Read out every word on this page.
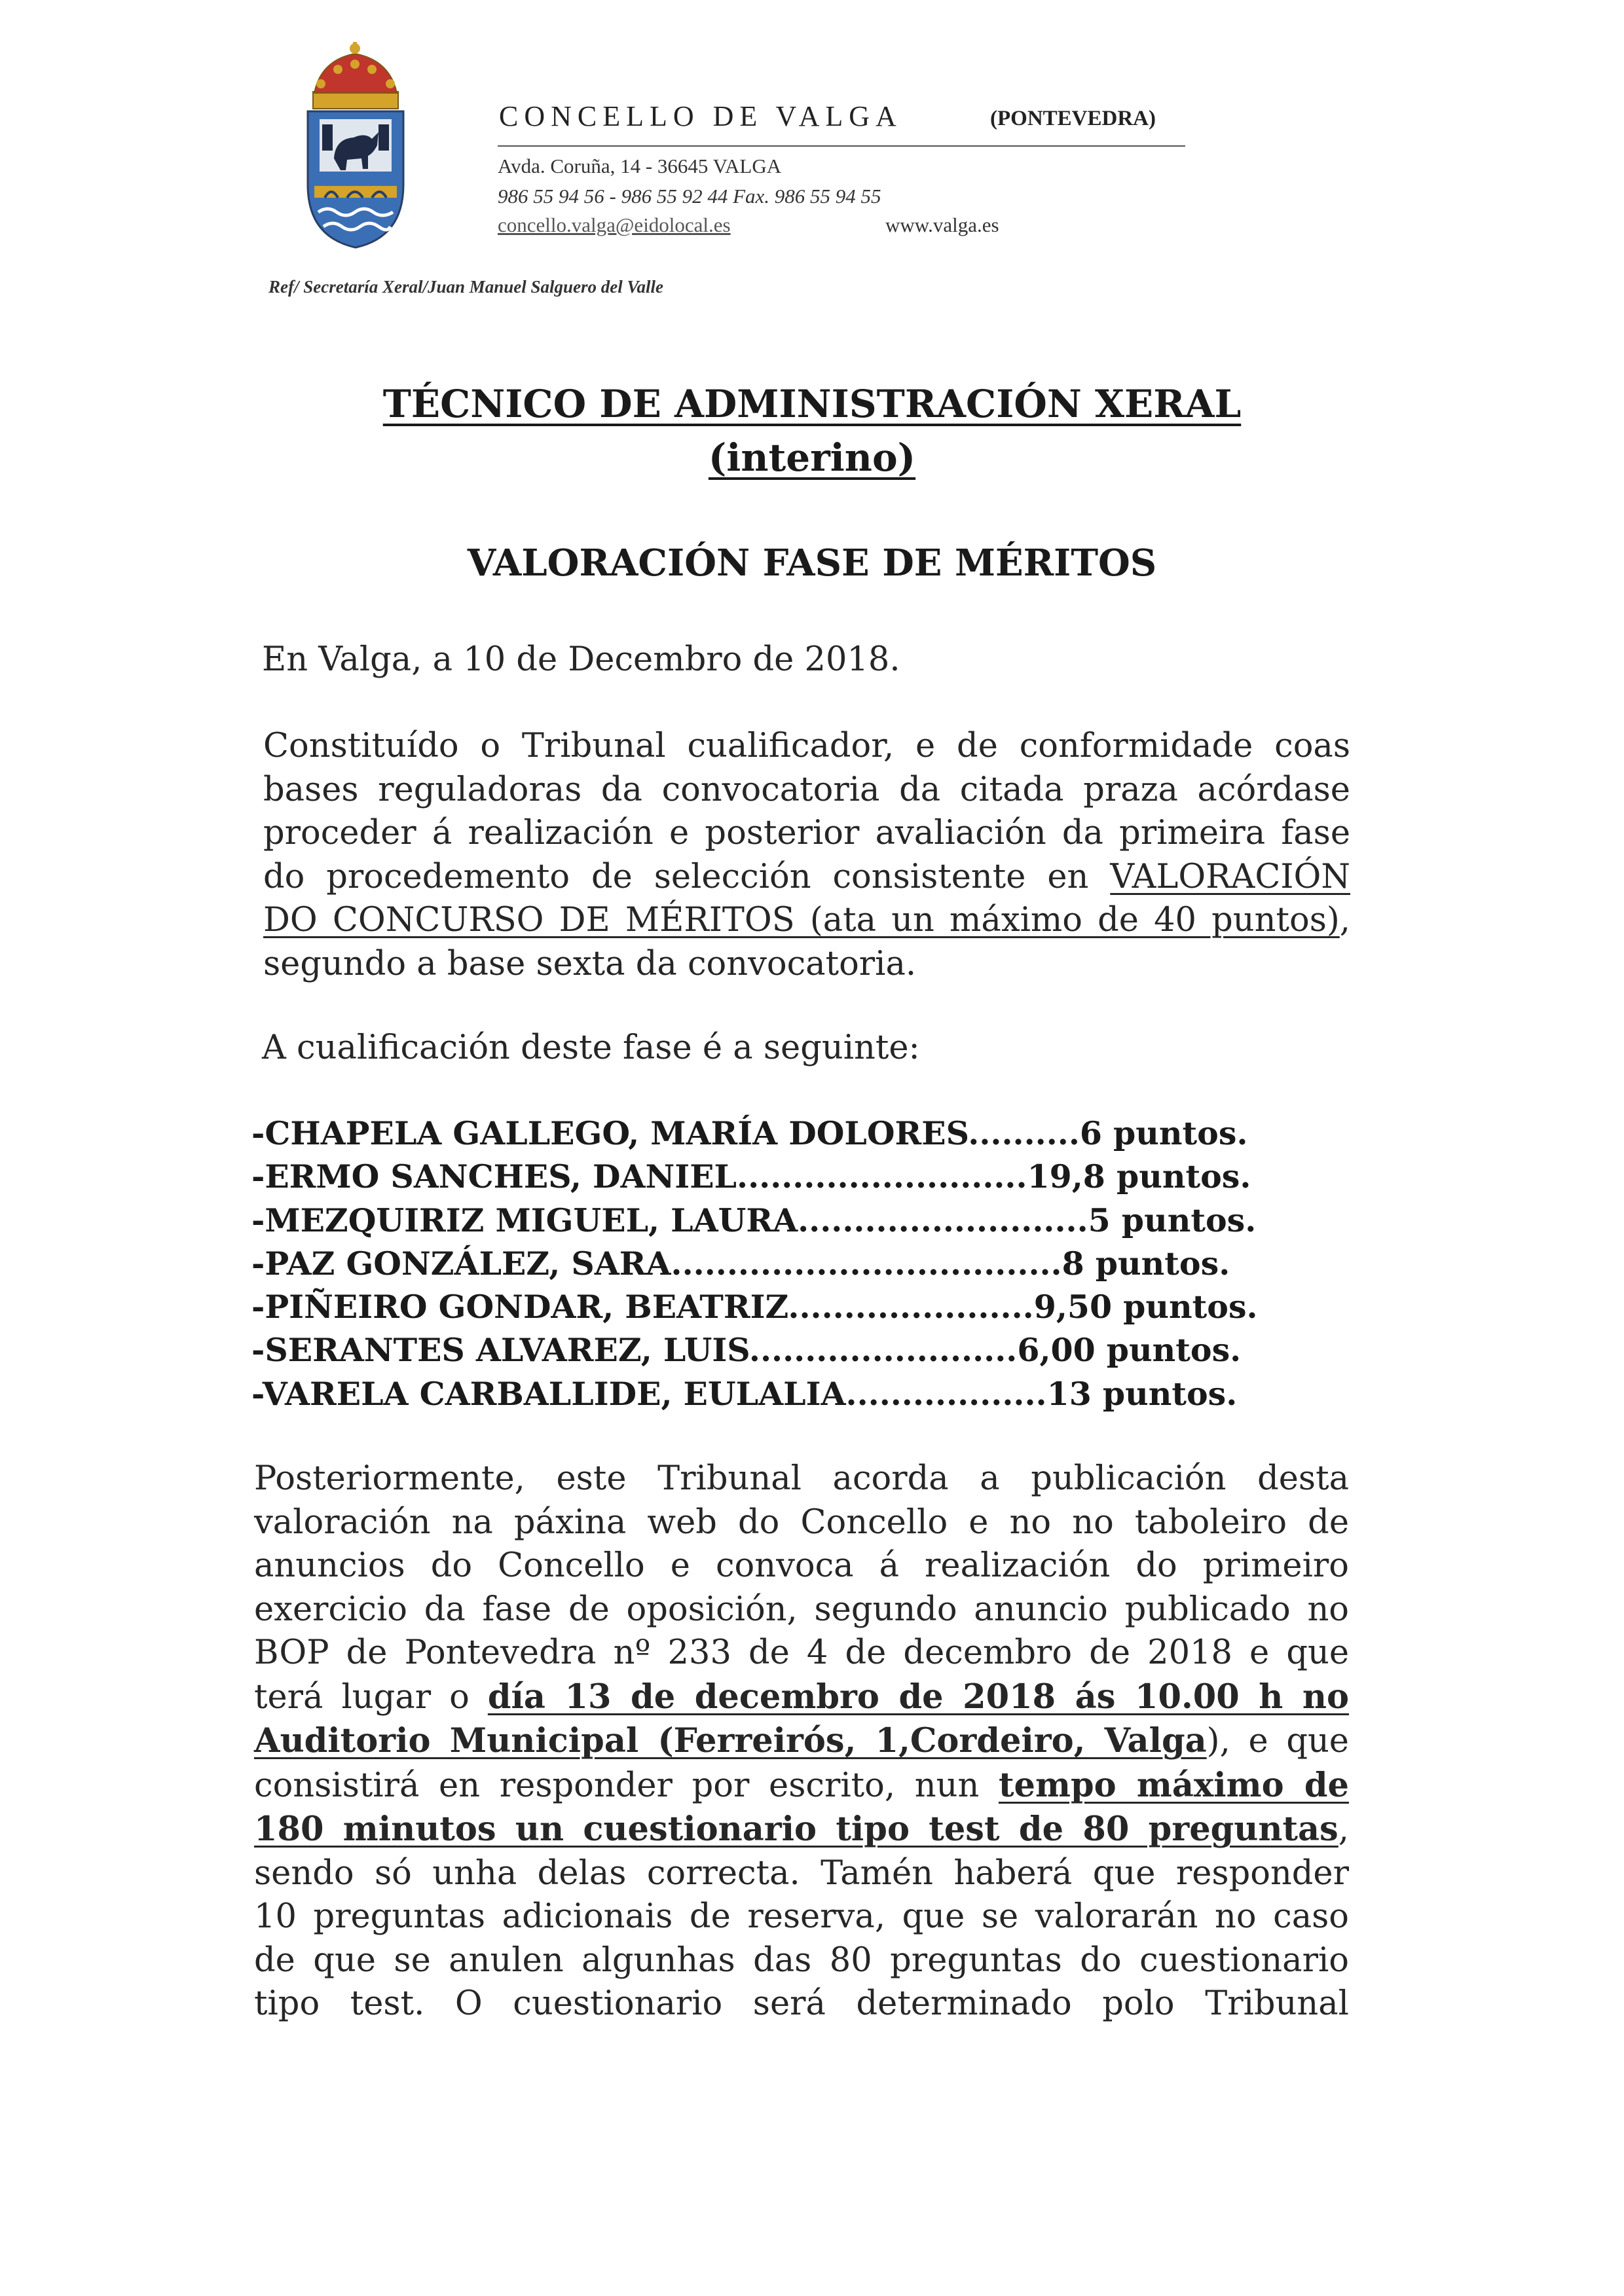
CONCELLO DE VALGA	(PONTEVEDRA)
Avda. Coruña, 14 - 36645 VALGA
986 55 94 56 - 986 55 92 44 Fax. 986 55 94 55
concello.valga@eidolocal.es	www.valga.es
Ref/ Secretaría Xeral/Juan Manuel Salguero del Valle
TÉCNICO DE ADMINISTRACIÓN XERAL
(interino)
VALORACIÓN FASE DE MÉRITOS
En Valga, a 10 de Decembro de 2018.
Constituído o Tribunal cualificador, e de conformidade coas
bases reguladoras da convocatoria da citada praza acórdase
proceder á realización e posterior avaliación da primeira fase
do procedemento de selección consistente en VALORACIÓN
DO CONCURSO DE MÉRITOS (ata un máximo de 40 puntos),
segundo a base sexta da convocatoria.
A cualificación deste fase é a seguinte:
-CHAPELA GALLEGO, MARÍA DOLORES..........6 puntos.
-ERMO SANCHES, DANIEL..........................19,8 puntos.
-MEZQUIRIZ MIGUEL, LAURA..........................5 puntos.
-PAZ GONZÁLEZ, SARA...................................8 puntos.
-PIÑEIRO GONDAR, BEATRIZ......................9,50 puntos.
-SERANTES ALVAREZ, LUIS........................6,00 puntos.
-VARELA CARBALLIDE, EULALIA..................13 puntos.
Posteriormente, este Tribunal acorda a publicación desta
valoración na páxina web do Concello e no no taboleiro de
anuncios do Concello e convoca á realización do primeiro
exercicio da fase de oposición, segundo anuncio publicado no
BOP de Pontevedra nº 233 de 4 de decembro de 2018 e que
terá lugar o día 13 de decembro de 2018 ás 10.00 h no
Auditorio Municipal (Ferreirós, 1,Cordeiro, Valga), e que
consistirá en responder por escrito, nun tempo máximo de
180 minutos un cuestionario tipo test de 80 preguntas,
sendo só unha delas correcta. Tamén haberá que responder
10 preguntas adicionais de reserva, que se valorarán no caso
de que se anulen algunhas das 80 preguntas do cuestionario
tipo test. O cuestionario será determinado polo Tribunal
